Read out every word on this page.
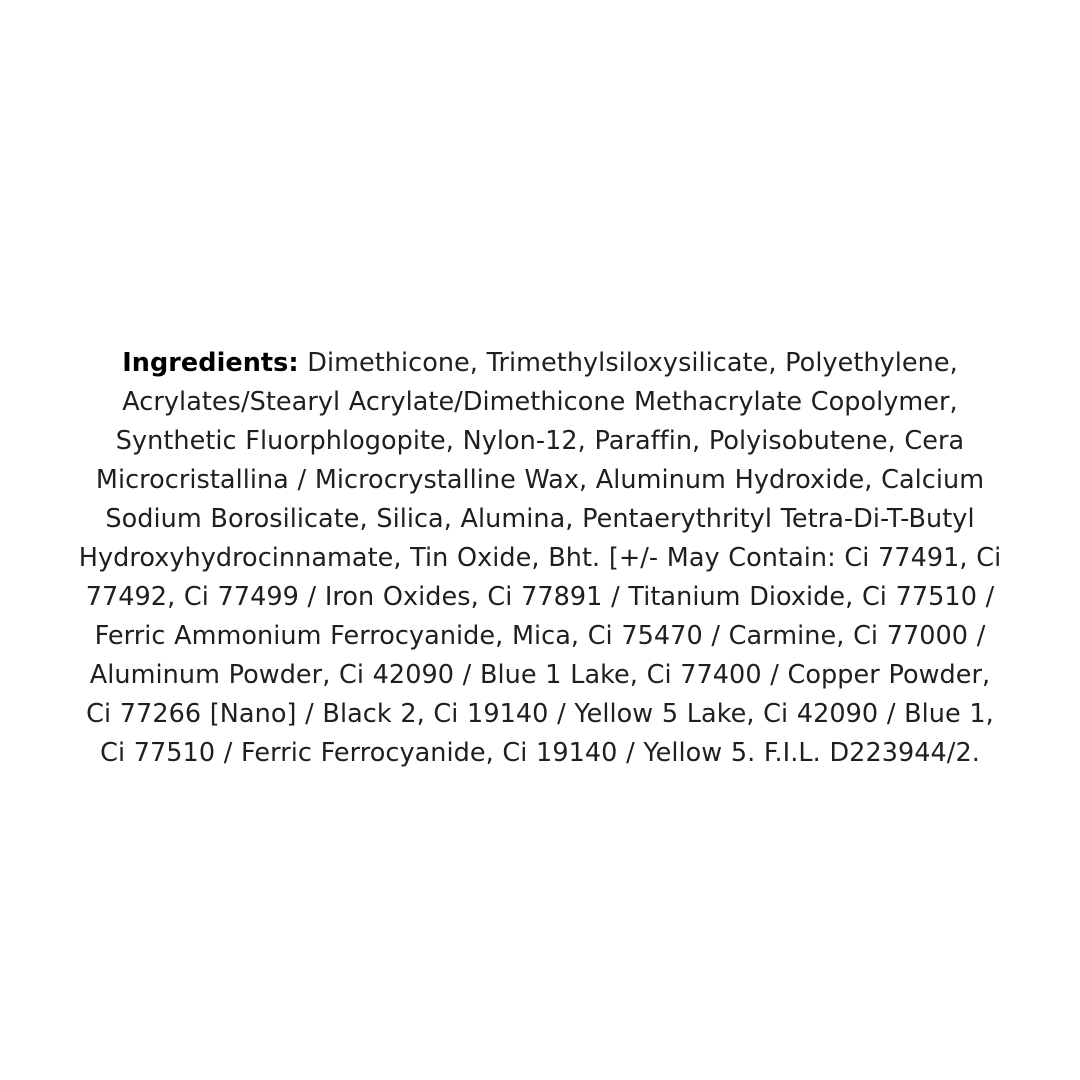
Ingredients: Dimethicone, Trimethylsiloxysilicate, Polyethylene, Acrylates/Stearyl Acrylate/Dimethicone Methacrylate Copolymer, Synthetic Fluorphlogopite, Nylon-12, Paraffin, Polyisobutene, Cera Microcristallina / Microcrystalline Wax, Aluminum Hydroxide, Calcium Sodium Borosilicate, Silica, Alumina, Pentaerythrityl Tetra-Di-T-Butyl Hydroxyhydrocinnamate, Tin Oxide, Bht. [+/- May Contain: Ci 77491, Ci 77492, Ci 77499 / Iron Oxides, Ci 77891 / Titanium Dioxide, Ci 77510 / Ferric Ammonium Ferrocyanide, Mica, Ci 75470 / Carmine, Ci 77000 / Aluminum Powder, Ci 42090 / Blue 1 Lake, Ci 77400 / Copper Powder, Ci 77266 [Nano] / Black 2, Ci 19140 / Yellow 5 Lake, Ci 42090 / Blue 1, Ci 77510 / Ferric Ferrocyanide, Ci 19140 / Yellow 5. F.I.L. D223944/2.
